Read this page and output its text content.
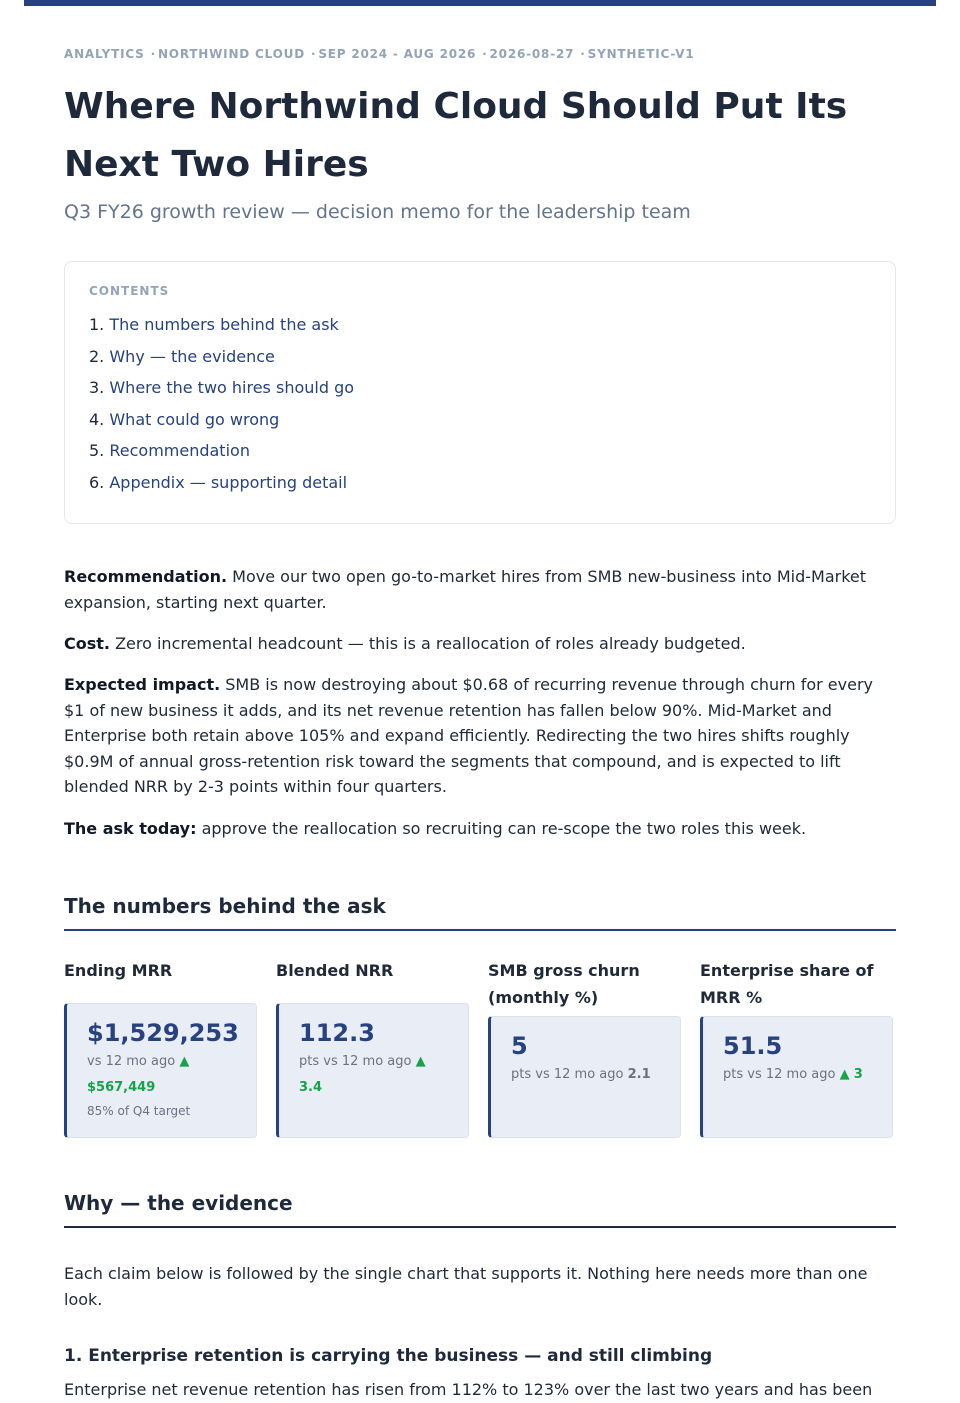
ANALYTICS · NORTHWIND CLOUD · SEP 2024 - AUG 2026 · 2026-08-27 · SYNTHETIC-V1
Where Northwind Cloud Should Put Its Next Two Hires
Q3 FY26 growth review — decision memo for the leadership team
CONTENTS
1. The numbers behind the ask
2. Why — the evidence
3. Where the two hires should go
4. What could go wrong
5. Recommendation
6. Appendix — supporting detail

Recommendation. Move our two open go-to-market hires from SMB new-business into Mid-Market expansion, starting next quarter.

Cost. Zero incremental headcount — this is a reallocation of roles already budgeted.

Expected impact. SMB is now destroying about $0.68 of recurring revenue through churn for every $1 of new business it adds, and its net revenue retention has fallen below 90%. Mid-Market and Enterprise both retain above 105% and expand efficiently. Redirecting the two hires shifts roughly $0.9M of annual gross-retention risk toward the segments that compound, and is expected to lift blended NRR by 2-3 points within four quarters.

The ask today: approve the reallocation so recruiting can re-scope the two roles this week.

The numbers behind the ask
Ending MRR
$1,529,253
vs 12 mo ago ▲
$567,449
85% of Q4 target
Blended NRR
112.3
pts vs 12 mo ago ▲
3.4
SMB gross churn (monthly %)
5
pts vs 12 mo ago 2.1
Enterprise share of MRR %
51.5
pts vs 12 mo ago ▲ 3
Why — the evidence

Each claim below is followed by the single chart that supports it. Nothing here needs more than one look.

1. Enterprise retention is carrying the business — and still climbing

Enterprise net revenue retention has risen from 112% to 123% over the last two years and has been
